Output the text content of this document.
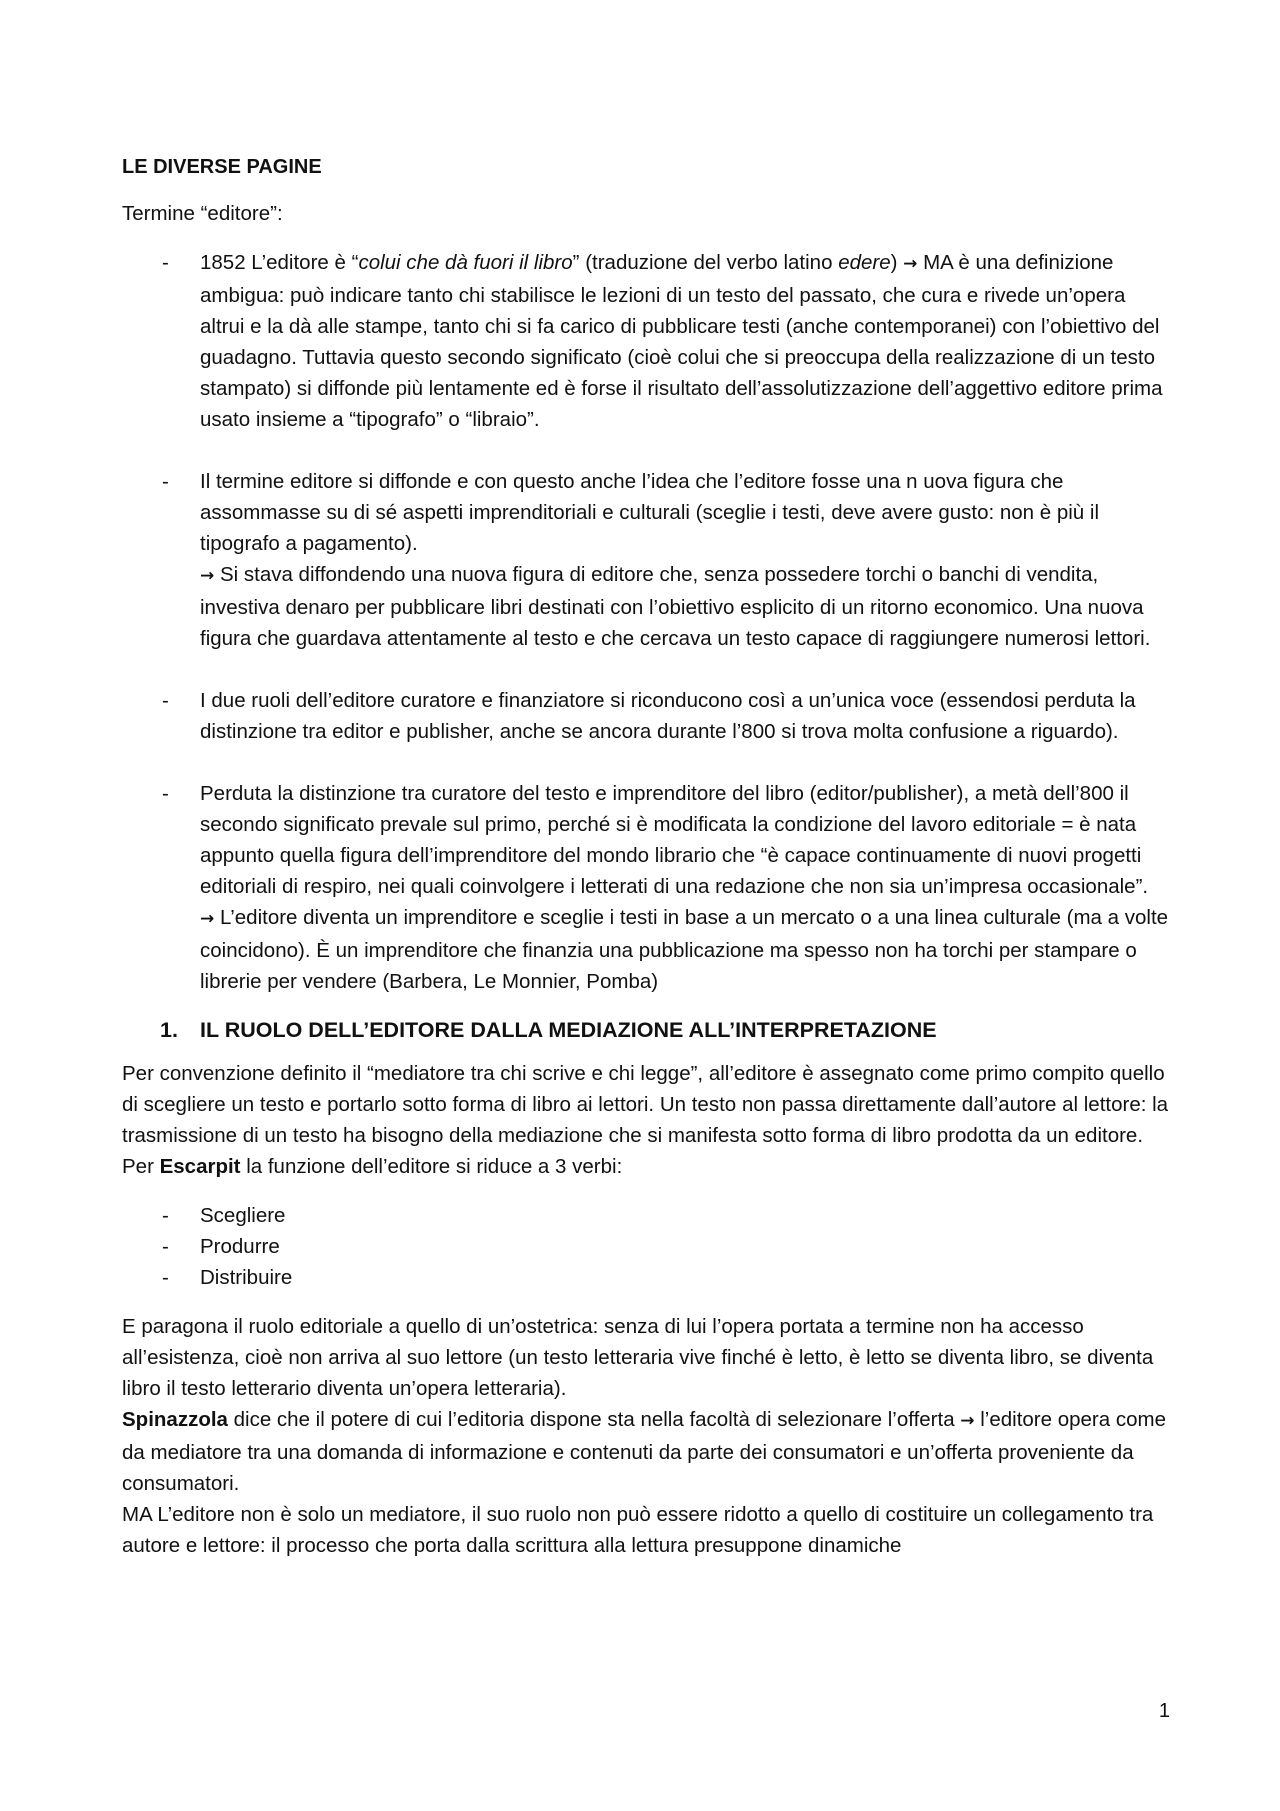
LE DIVERSE PAGINE

Termine “editore”:

- 1852 L’editore è “colui che dà fuori il libro” (traduzione del verbo latino edere) → MA è una definizione ambigua: può indicare tanto chi stabilisce le lezioni di un testo del passato, che cura e rivede un’opera altrui e la dà alle stampe, tanto chi si fa carico di pubblicare testi (anche contemporanei) con l’obiettivo del guadagno. Tuttavia questo secondo significato (cioè colui che si preoccupa della realizzazione di un testo stampato) si diffonde più lentamente ed è forse il risultato dell’assolutizzazione dell’aggettivo editore prima usato insieme a “tipografo” o “libraio”.
- Il termine editore si diffonde e con questo anche l’idea che l’editore fosse una n uova figura che assommasse su di sé aspetti imprenditoriali e culturali (sceglie i testi, deve avere gusto: non è più il tipografo a pagamento).
→ Si stava diffondendo una nuova figura di editore che, senza possedere torchi o banchi di vendita, investiva denaro per pubblicare libri destinati con l’obiettivo esplicito di un ritorno economico. Una nuova figura che guardava attentamente al testo e che cercava un testo capace di raggiungere numerosi lettori.
- I due ruoli dell’editore curatore e finanziatore si riconducono così a un’unica voce (essendosi perduta la distinzione tra editor e publisher, anche se ancora durante l’800 si trova molta confusione a riguardo).
- Perduta la distinzione tra curatore del testo e imprenditore del libro (editor/publisher), a metà dell’800 il secondo significato prevale sul primo, perché si è modificata la condizione del lavoro editoriale = è nata appunto quella figura dell’imprenditore del mondo librario che “è capace continuamente di nuovi progetti editoriali di respiro, nei quali coinvolgere i letterati di una redazione che non sia un’impresa occasionale”.
→ L’editore diventa un imprenditore e sceglie i testi in base a un mercato o a una linea culturale (ma a volte coincidono). È un imprenditore che finanzia una pubblicazione ma spesso non ha torchi per stampare o librerie per vendere (Barbera, Le Monnier, Pomba)
1. IL RUOLO DELL’EDITORE DALLA MEDIAZIONE ALL’INTERPRETAZIONE

Per convenzione definito il “mediatore tra chi scrive e chi legge”, all’editore è assegnato come primo compito quello di scegliere un testo e portarlo sotto forma di libro ai lettori. Un testo non passa direttamente dall’autore al lettore: la trasmissione di un testo ha bisogno della mediazione che si manifesta sotto forma di libro prodotta da un editore. Per Escarpit la funzione dell’editore si riduce a 3 verbi:

- Scegliere
- Produrre
- Distribuire

E paragona il ruolo editoriale a quello di un’ostetrica: senza di lui l’opera portata a termine non ha accesso all’esistenza, cioè non arriva al suo lettore (un testo letteraria vive finché è letto, è letto se diventa libro, se diventa libro il testo letterario diventa un’opera letteraria).

Spinazzola dice che il potere di cui l’editoria dispone sta nella facoltà di selezionare l’offerta → l’editore opera come da mediatore tra una domanda di informazione e contenuti da parte dei consumatori e un’offerta proveniente da consumatori.

MA L’editore non è solo un mediatore, il suo ruolo non può essere ridotto a quello di costituire un collegamento tra autore e lettore: il processo che porta dalla scrittura alla lettura presuppone dinamiche

1
